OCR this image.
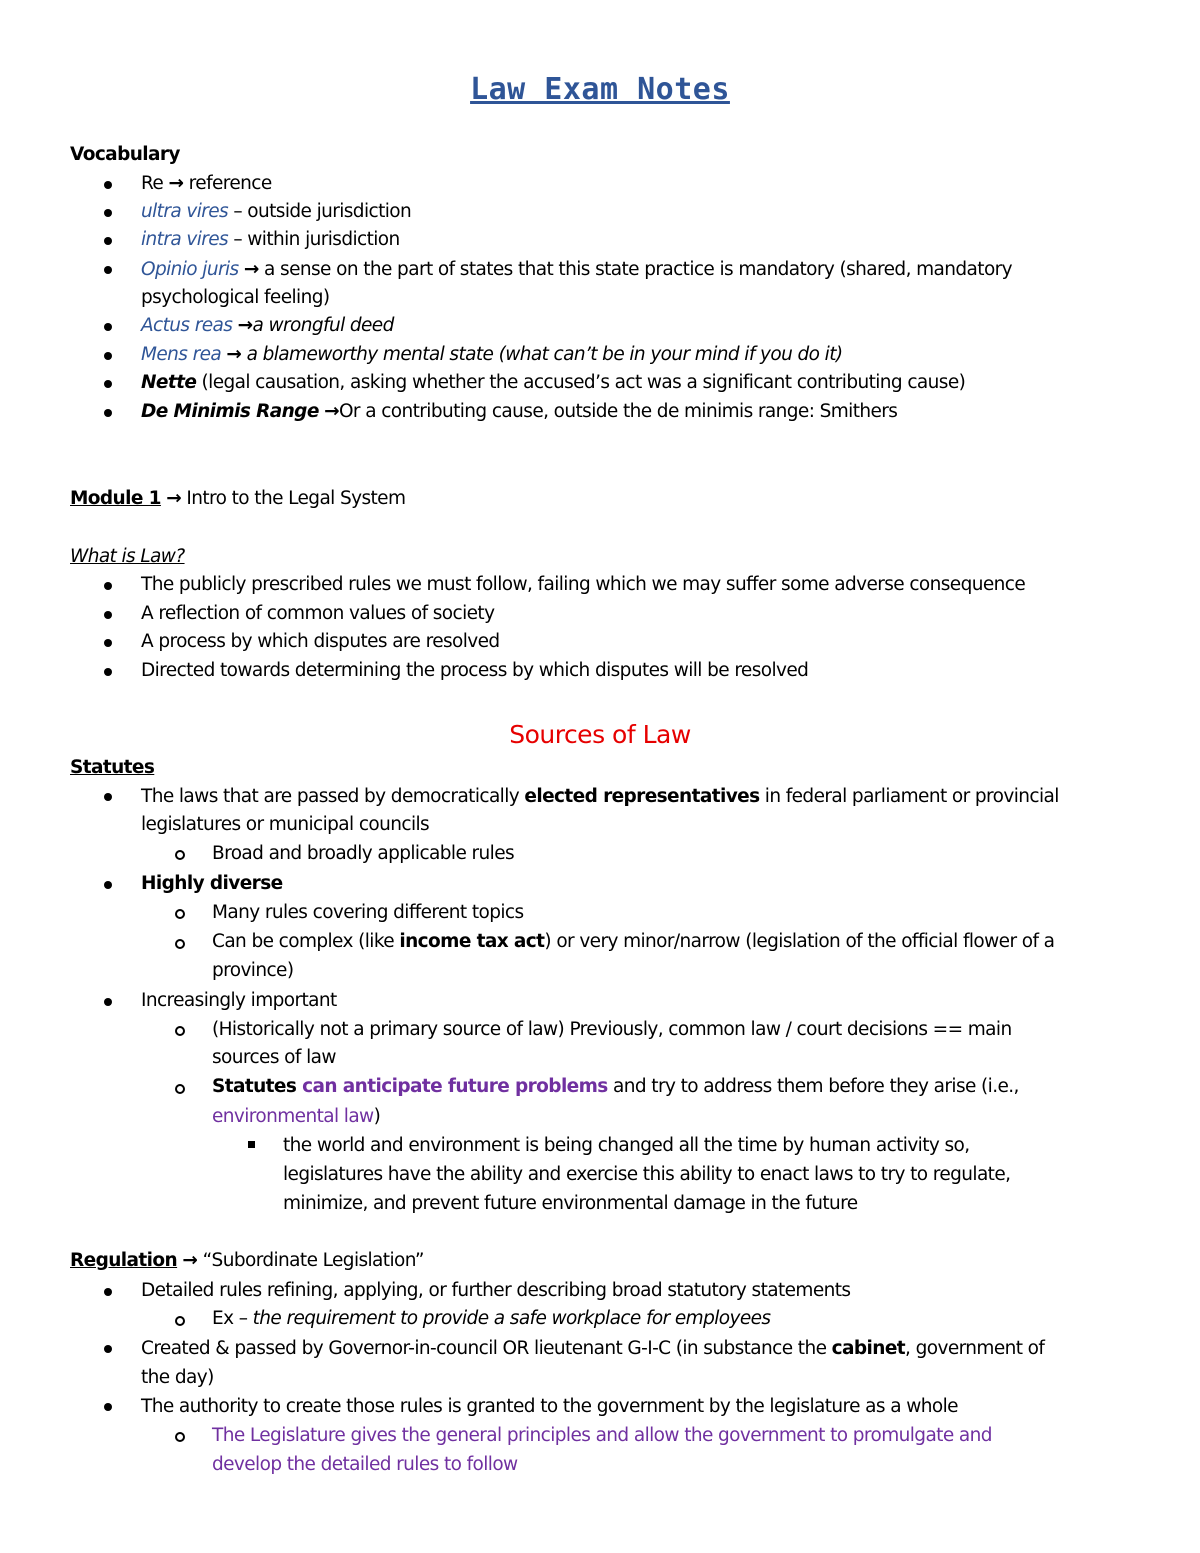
Law Exam Notes
Vocabulary
Re → reference
ultra vires – outside jurisdiction
intra vires – within jurisdiction
Opinio juris → a sense on the part of states that this state practice is mandatory (shared, mandatory
psychological feeling)
Actus reas →a wrongful deed
Mens rea → a blameworthy mental state (what can’t be in your mind if you do it)
Nette (legal causation, asking whether the accused’s act was a significant contributing cause)
De Minimis Range →Or a contributing cause, outside the de minimis range: Smithers
Module 1 → Intro to the Legal System
What is Law?
The publicly prescribed rules we must follow, failing which we may suffer some adverse consequence
A reflection of common values of society
A process by which disputes are resolved
Directed towards determining the process by which disputes will be resolved
Sources of Law
Statutes
The laws that are passed by democratically elected representatives in federal parliament or provincial
legislatures or municipal councils
Broad and broadly applicable rules
Highly diverse
Many rules covering different topics
Can be complex (like income tax act) or very minor/narrow (legislation of the official flower of a
province)
Increasingly important
(Historically not a primary source of law) Previously, common law / court decisions == main
sources of law
Statutes can anticipate future problems and try to address them before they arise (i.e.,
environmental law)
the world and environment is being changed all the time by human activity so,
legislatures have the ability and exercise this ability to enact laws to try to regulate,
minimize, and prevent future environmental damage in the future
Regulation → “Subordinate Legislation”
Detailed rules refining, applying, or further describing broad statutory statements
Ex – the requirement to provide a safe workplace for employees
Created & passed by Governor-in-council OR lieutenant G-I-C (in substance the cabinet, government of
the day)
The authority to create those rules is granted to the government by the legislature as a whole
The Legislature gives the general principles and allow the government to promulgate and
develop the detailed rules to follow
